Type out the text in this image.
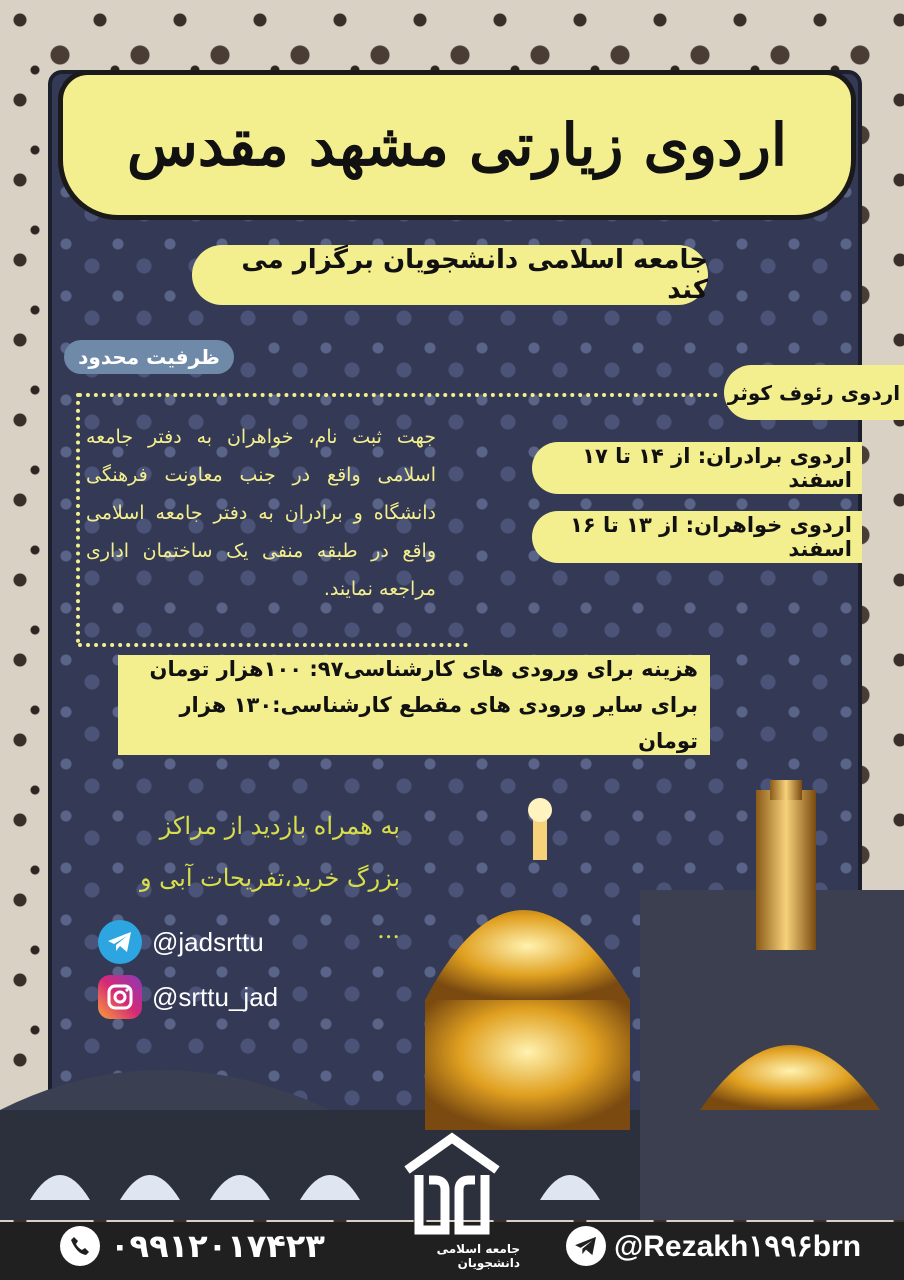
اردوی زیارتی مشهد مقدس
جامعه اسلامی دانشجویان برگزار می کند
ظرفیت محدود
جهت ثبت نام، خواهران به دفتر جامعه اسلامی واقع در جنب معاونت فرهنگی دانشگاه و برادران به دفتر جامعه اسلامی واقع در طبقه منفی یک ساختمان اداری مراجعه نمایند.
اردوی رئوف کوثر
اردوی برادران: از ۱۴ تا ۱۷ اسفند
اردوی خواهران: از ۱۳ تا ۱۶ اسفند
هزینه برای ورودی های کارشناسی۹۷: ۱۰۰هزار تومان
برای سایر ورودی های مقطع کارشناسی:۱۳۰ هزار تومان
به همراه بازدید از مراکز
بزرگ خرید،تفریحات آبی و ...
@jadsrttu
@srttu_jad
۰۹۹۱۲۰۱۷۴۲۳	جامعه اسلامی دانشجویان
@Rezakh۱۹۹۶brn
